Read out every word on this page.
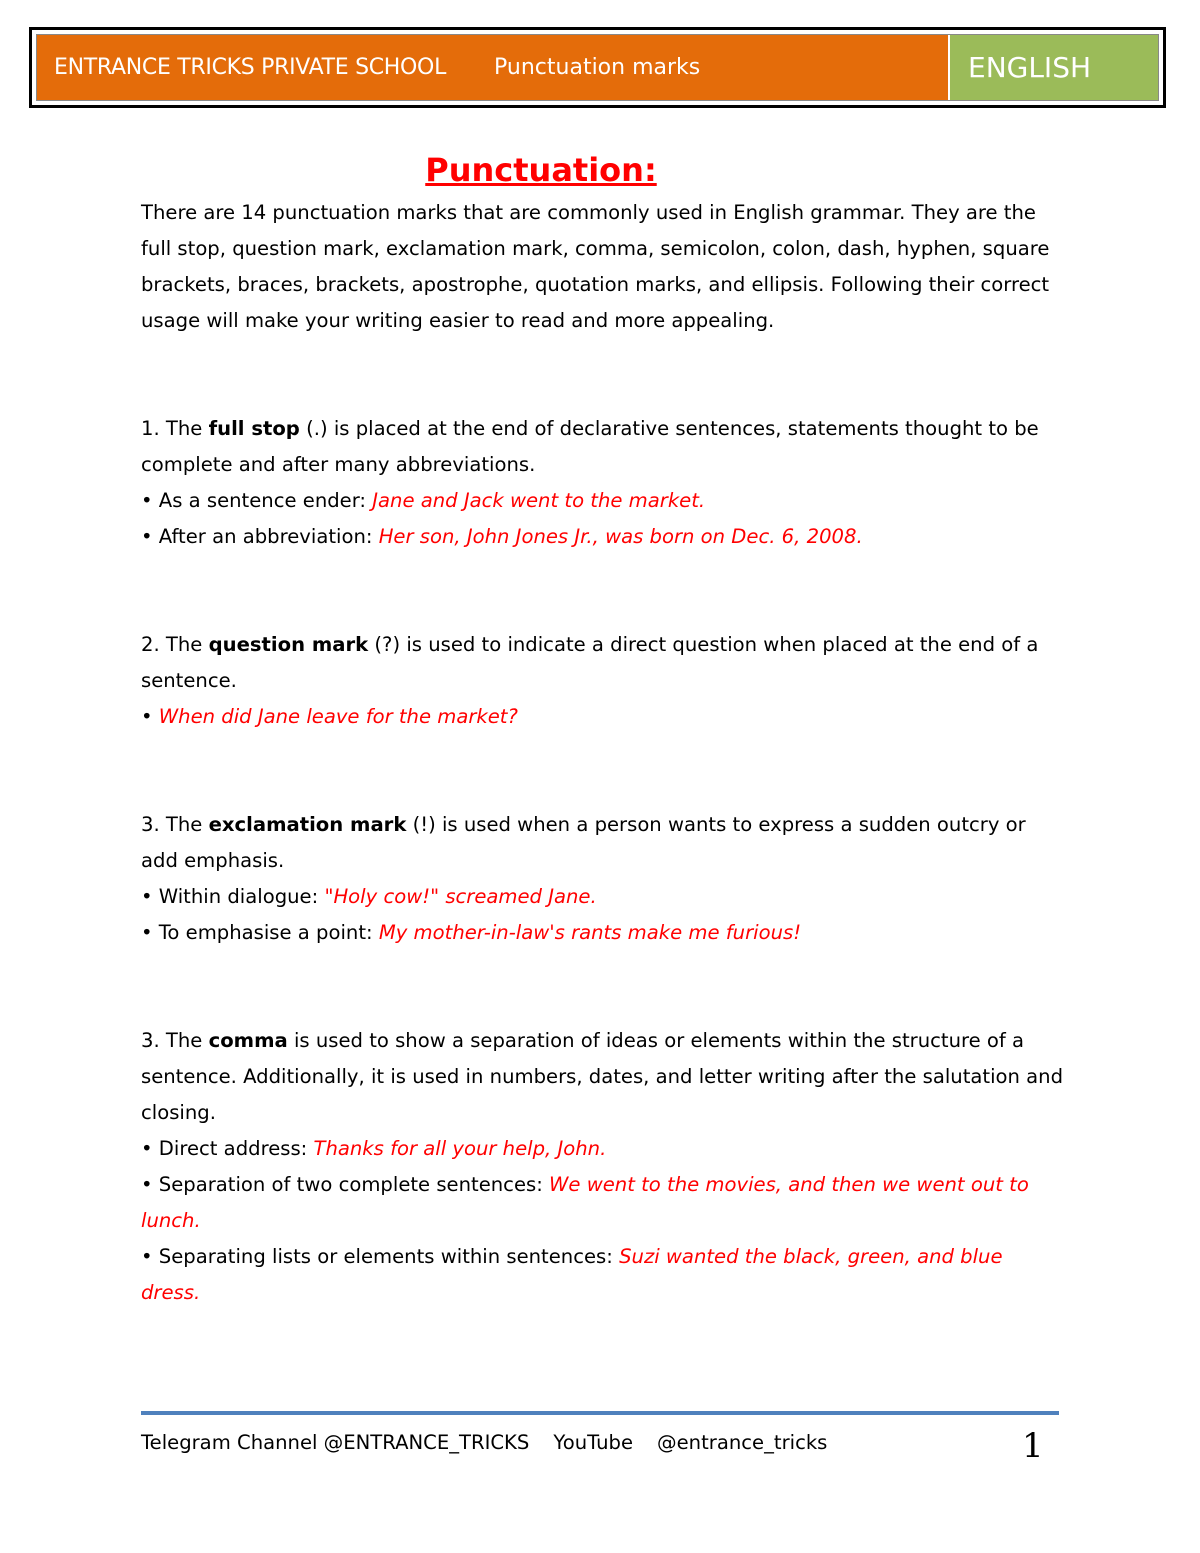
ENTRANCE TRICKS PRIVATE SCHOOL Punctuation marks	ENGLISH
Punctuation:

There are 14 punctuation marks that are commonly used in English grammar. They are the full stop, question mark, exclamation mark, comma, semicolon, colon, dash, hyphen, square brackets, braces, brackets, apostrophe, quotation marks, and ellipsis. Following their correct usage will make your writing easier to read and more appealing.

1. The full stop (.) is placed at the end of declarative sentences, statements thought to be complete and after many abbreviations.

• As a sentence ender: Jane and Jack went to the market.

• After an abbreviation: Her son, John Jones Jr., was born on Dec. 6, 2008.

2. The question mark (?) is used to indicate a direct question when placed at the end of a sentence.

• When did Jane leave for the market?

3. The exclamation mark (!) is used when a person wants to express a sudden outcry or add emphasis.

• Within dialogue: "Holy cow!" screamed Jane.

• To emphasise a point: My mother-in-law's rants make me furious!

3. The comma is used to show a separation of ideas or elements within the structure of a sentence. Additionally, it is used in numbers, dates, and letter writing after the salutation and closing.

• Direct address: Thanks for all your help, John.

• Separation of two complete sentences: We went to the movies, and then we went out to lunch.

• Separating lists or elements within sentences: Suzi wanted the black, green, and blue dress.

Telegram Channel @ENTRANCE_TRICKS YouTube @entrance_tricks	1
